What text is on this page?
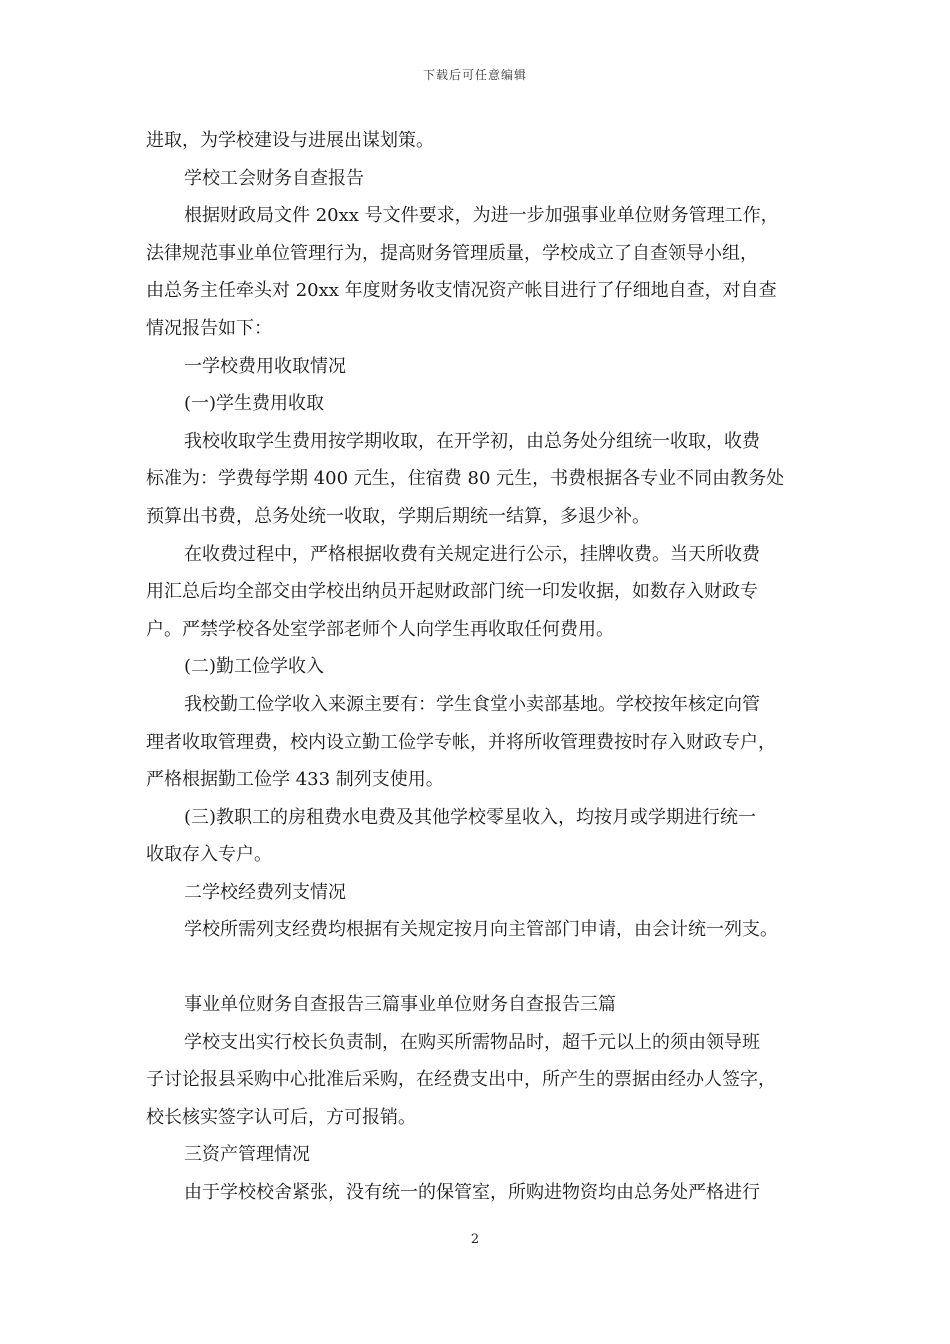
下载后可任意编辑
进取，为学校建设与进展出谋划策。
学校工会财务自查报告
根据财政局文件 20xx 号文件要求，为进一步加强事业单位财务管理工作，
法律规范事业单位管理行为，提高财务管理质量，学校成立了自查领导小组，
由总务主任牵头对 20xx 年度财务收支情况资产帐目进行了仔细地自查，对自查
情况报告如下：
一学校费用收取情况
(一)学生费用收取
我校收取学生费用按学期收取，在开学初，由总务处分组统一收取，收费
标准为：学费每学期 400 元生，住宿费 80 元生，书费根据各专业不同由教务处
预算出书费，总务处统一收取，学期后期统一结算，多退少补。
在收费过程中，严格根据收费有关规定进行公示，挂牌收费。当天所收费
用汇总后均全部交由学校出纳员开起财政部门统一印发收据，如数存入财政专
户。严禁学校各处室学部老师个人向学生再收取任何费用。
(二)勤工俭学收入
我校勤工俭学收入来源主要有：学生食堂小卖部基地。学校按年核定向管
理者收取管理费，校内设立勤工俭学专帐，并将所收管理费按时存入财政专户，
严格根据勤工俭学 433 制列支使用。
(三)教职工的房租费水电费及其他学校零星收入，均按月或学期进行统一
收取存入专户。
二学校经费列支情况
学校所需列支经费均根据有关规定按月向主管部门申请，由会计统一列支。
事业单位财务自查报告三篇事业单位财务自查报告三篇
学校支出实行校长负责制，在购买所需物品时，超千元以上的须由领导班
子讨论报县采购中心批准后采购，在经费支出中，所产生的票据由经办人签字，
校长核实签字认可后，方可报销。
三资产管理情况
由于学校校舍紧张，没有统一的保管室，所购进物资均由总务处严格进行
2
